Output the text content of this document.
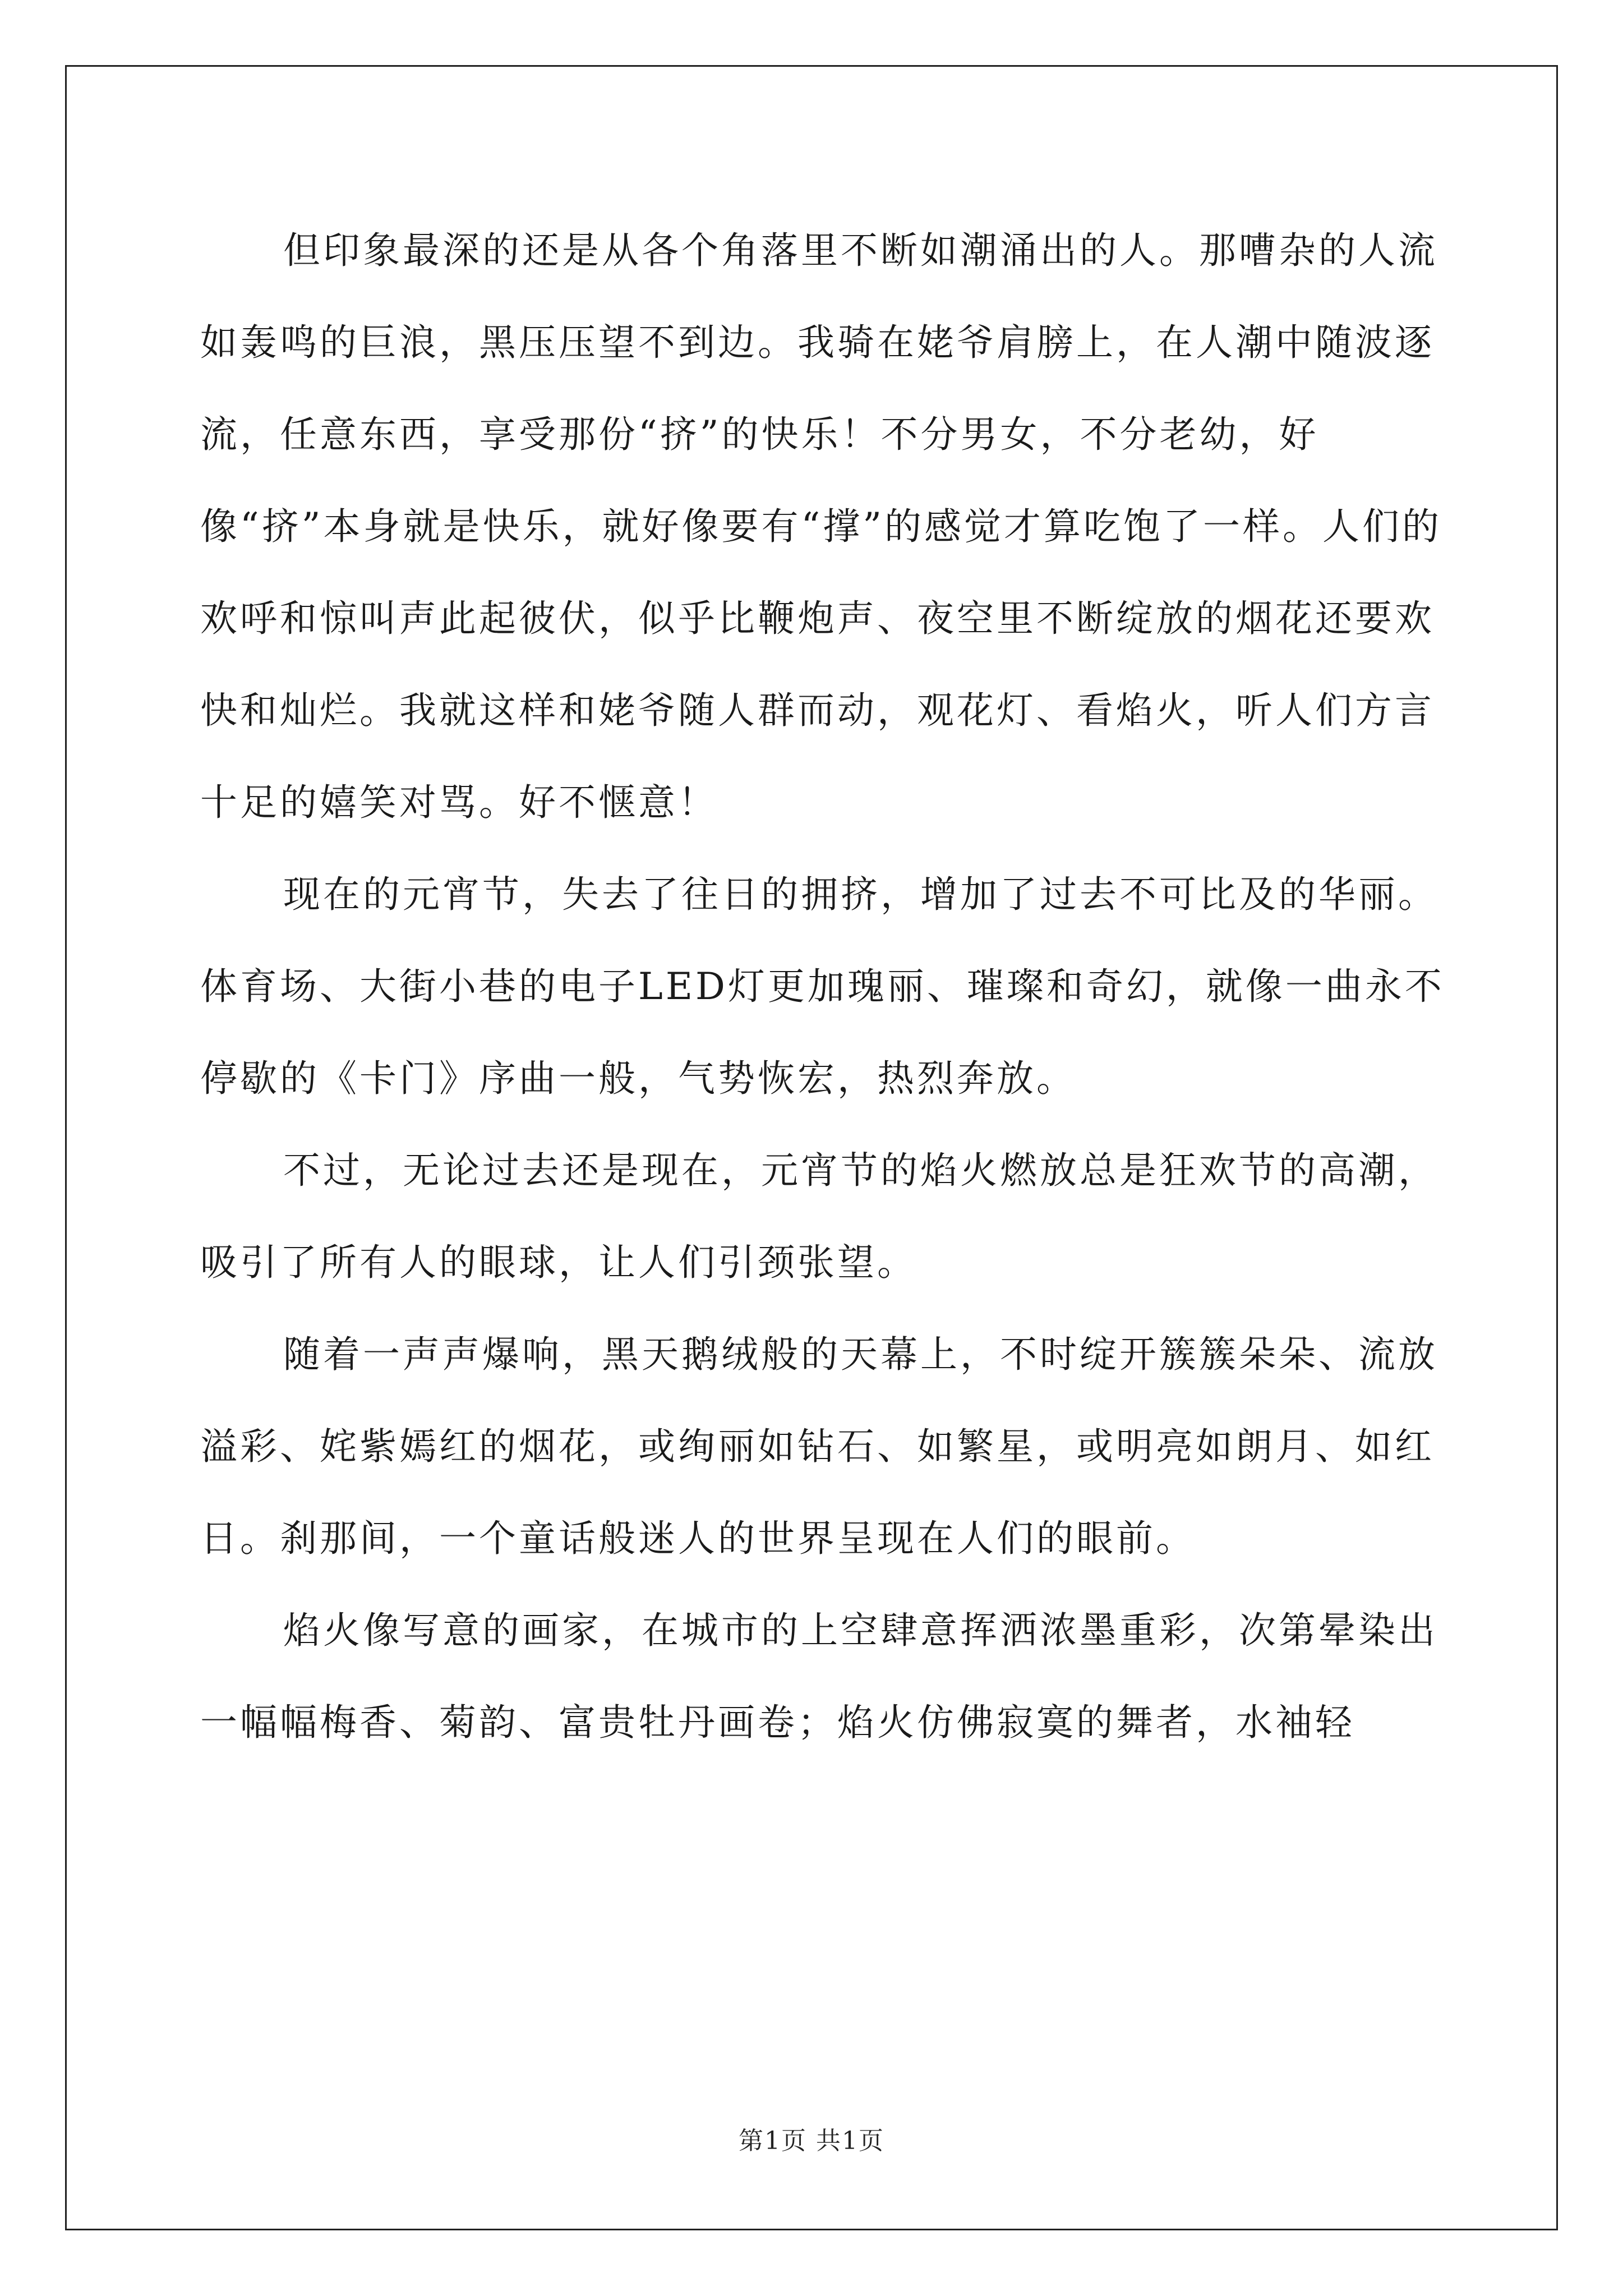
但印象最深的还是从各个角落里不断如潮涌出的人。那嘈杂的人流如轰鸣的巨浪，黑压压望不到边。我骑在姥爷肩膀上，在人潮中随波逐流，任意东西，享受那份“挤”的快乐！不分男女，不分老幼，好像“挤”本身就是快乐，就好像要有“撑”的感觉才算吃饱了一样。人们的欢呼和惊叫声此起彼伏，似乎比鞭炮声、夜空里不断绽放的烟花还要欢快和灿烂。我就这样和姥爷随人群而动，观花灯、看焰火，听人们方言十足的嬉笑对骂。好不惬意！

现在的元宵节，失去了往日的拥挤，增加了过去不可比及的华丽。体育场、大街小巷的电子LED灯更加瑰丽、璀璨和奇幻，就像一曲永不停歇的《卡门》序曲一般，气势恢宏，热烈奔放。

不过，无论过去还是现在，元宵节的焰火燃放总是狂欢节的高潮，吸引了所有人的眼球，让人们引颈张望。

随着一声声爆响，黑天鹅绒般的天幕上，不时绽开簇簇朵朵、流放溢彩、姹紫嫣红的烟花，或绚丽如钻石、如繁星，或明亮如朗月、如红日。刹那间，一个童话般迷人的世界呈现在人们的眼前。

焰火像写意的画家，在城市的上空肆意挥洒浓墨重彩，次第晕染出一幅幅梅香、菊韵、富贵牡丹画卷；焰火仿佛寂寞的舞者，水袖轻

第1页 共1页
